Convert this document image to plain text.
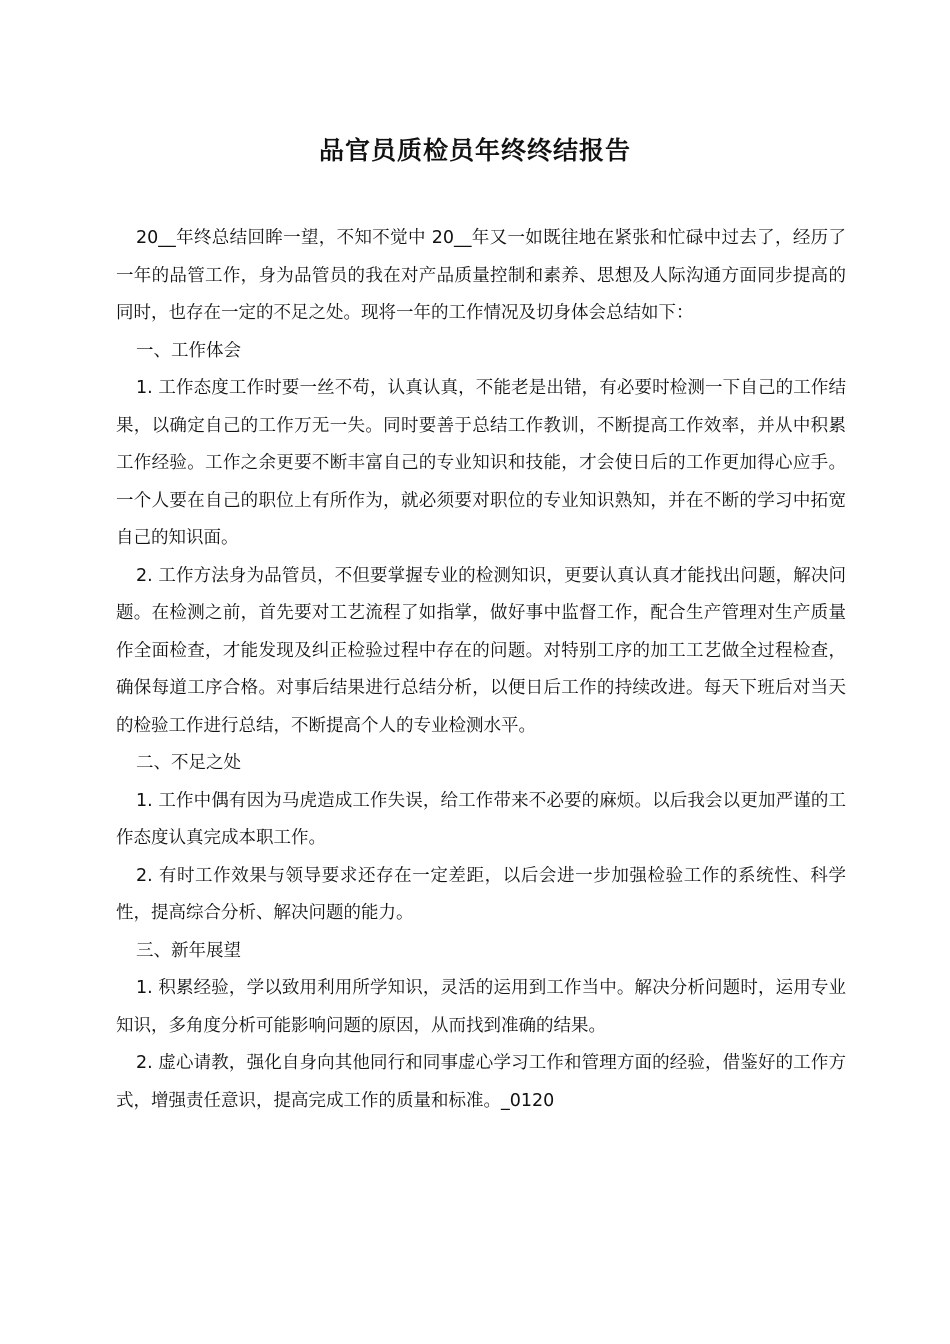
品官员质检员年终终结报告

20__年终总结回眸一望，不知不觉中 20__年又一如既往地在紧张和忙碌中过去了，经历了一年的品管工作，身为品管员的我在对产品质量控制和素养、思想及人际沟通方面同步提高的同时，也存在一定的不足之处。现将一年的工作情况及切身体会总结如下：

一、工作体会

1. 工作态度工作时要一丝不苟，认真认真，不能老是出错，有必要时检测一下自己的工作结果，以确定自己的工作万无一失。同时要善于总结工作教训，不断提高工作效率，并从中积累工作经验。工作之余更要不断丰富自己的专业知识和技能，才会使日后的工作更加得心应手。一个人要在自己的职位上有所作为，就必须要对职位的专业知识熟知，并在不断的学习中拓宽自己的知识面。

2. 工作方法身为品管员，不但要掌握专业的检测知识，更要认真认真才能找出问题，解决问题。在检测之前，首先要对工艺流程了如指掌，做好事中监督工作，配合生产管理对生产质量作全面检查，才能发现及纠正检验过程中存在的问题。对特别工序的加工工艺做全过程检查，确保每道工序合格。对事后结果进行总结分析，以便日后工作的持续改进。每天下班后对当天的检验工作进行总结，不断提高个人的专业检测水平。

二、不足之处

1. 工作中偶有因为马虎造成工作失误，给工作带来不必要的麻烦。以后我会以更加严谨的工作态度认真完成本职工作。

2. 有时工作效果与领导要求还存在一定差距，以后会进一步加强检验工作的系统性、科学性，提高综合分析、解决问题的能力。

三、新年展望

1. 积累经验，学以致用利用所学知识，灵活的运用到工作当中。解决分析问题时，运用专业知识，多角度分析可能影响问题的原因，从而找到准确的结果。

2. 虚心请教，强化自身向其他同行和同事虚心学习工作和管理方面的经验，借鉴好的工作方式，增强责任意识，提高完成工作的质量和标准。_0120
